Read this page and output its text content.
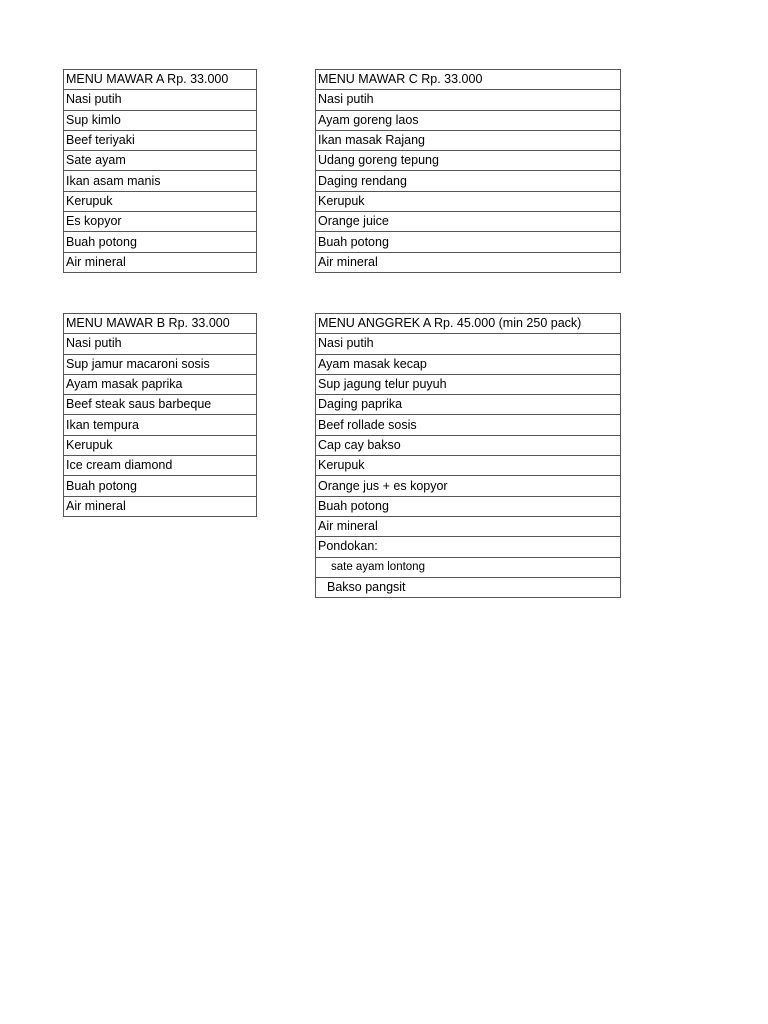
MENU MAWAR A Rp. 33.000
Nasi putih
Sup kimlo
Beef teriyaki
Sate ayam
Ikan asam manis
Kerupuk
Es kopyor
Buah potong
Air mineral
MENU MAWAR C Rp. 33.000
Nasi putih
Ayam goreng laos
Ikan masak Rajang
Udang goreng tepung
Daging rendang
Kerupuk
Orange juice
Buah potong
Air mineral
MENU MAWAR B Rp. 33.000
Nasi putih
Sup jamur macaroni sosis
Ayam masak paprika
Beef steak saus barbeque
Ikan tempura
Kerupuk
Ice cream diamond
Buah potong
Air mineral
MENU ANGGREK A Rp. 45.000 (min 250 pack)
Nasi putih
Ayam masak kecap
Sup jagung telur puyuh
Daging paprika
Beef rollade sosis
Cap cay bakso
Kerupuk
Orange jus + es kopyor
Buah potong
Air mineral
Pondokan:
sate ayam lontong
Bakso pangsit
